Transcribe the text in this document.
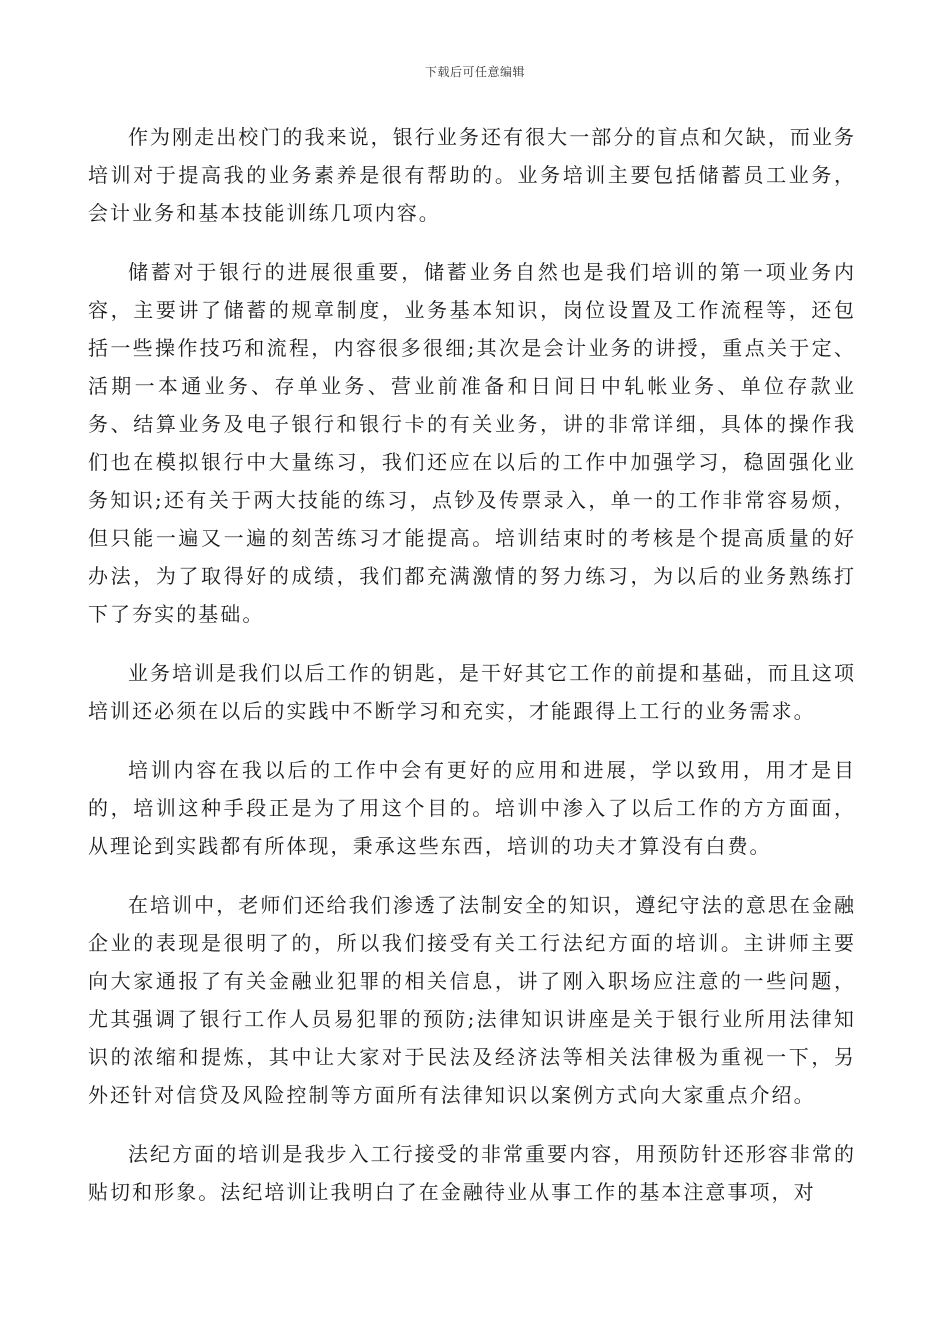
下载后可任意编辑

作为刚走出校门的我来说，银行业务还有很大一部分的盲点和欠缺，而业务培训对于提高我的业务素养是很有帮助的。业务培训主要包括储蓄员工业务，会计业务和基本技能训练几项内容。

储蓄对于银行的进展很重要，储蓄业务自然也是我们培训的第一项业务内容，主要讲了储蓄的规章制度，业务基本知识，岗位设置及工作流程等，还包括一些操作技巧和流程，内容很多很细;其次是会计业务的讲授，重点关于定、活期一本通业务、存单业务、营业前准备和日间日中轧帐业务、单位存款业务、结算业务及电子银行和银行卡的有关业务，讲的非常详细，具体的操作我们也在模拟银行中大量练习，我们还应在以后的工作中加强学习，稳固强化业务知识;还有关于两大技能的练习，点钞及传票录入，单一的工作非常容易烦，但只能一遍又一遍的刻苦练习才能提高。培训结束时的考核是个提高质量的好办法，为了取得好的成绩，我们都充满激情的努力练习，为以后的业务熟练打下了夯实的基础。

业务培训是我们以后工作的钥匙，是干好其它工作的前提和基础，而且这项培训还必须在以后的实践中不断学习和充实，才能跟得上工行的业务需求。

培训内容在我以后的工作中会有更好的应用和进展，学以致用，用才是目的，培训这种手段正是为了用这个目的。培训中渗入了以后工作的方方面面，从理论到实践都有所体现，秉承这些东西，培训的功夫才算没有白费。

在培训中，老师们还给我们渗透了法制安全的知识，遵纪守法的意思在金融企业的表现是很明了的，所以我们接受有关工行法纪方面的培训。主讲师主要向大家通报了有关金融业犯罪的相关信息，讲了刚入职场应注意的一些问题，尤其强调了银行工作人员易犯罪的预防;法律知识讲座是关于银行业所用法律知识的浓缩和提炼，其中让大家对于民法及经济法等相关法律极为重视一下，另外还针对信贷及风险控制等方面所有法律知识以案例方式向大家重点介绍。

法纪方面的培训是我步入工行接受的非常重要内容，用预防针还形容非常的贴切和形象。法纪培训让我明白了在金融待业从事工作的基本注意事项，对
